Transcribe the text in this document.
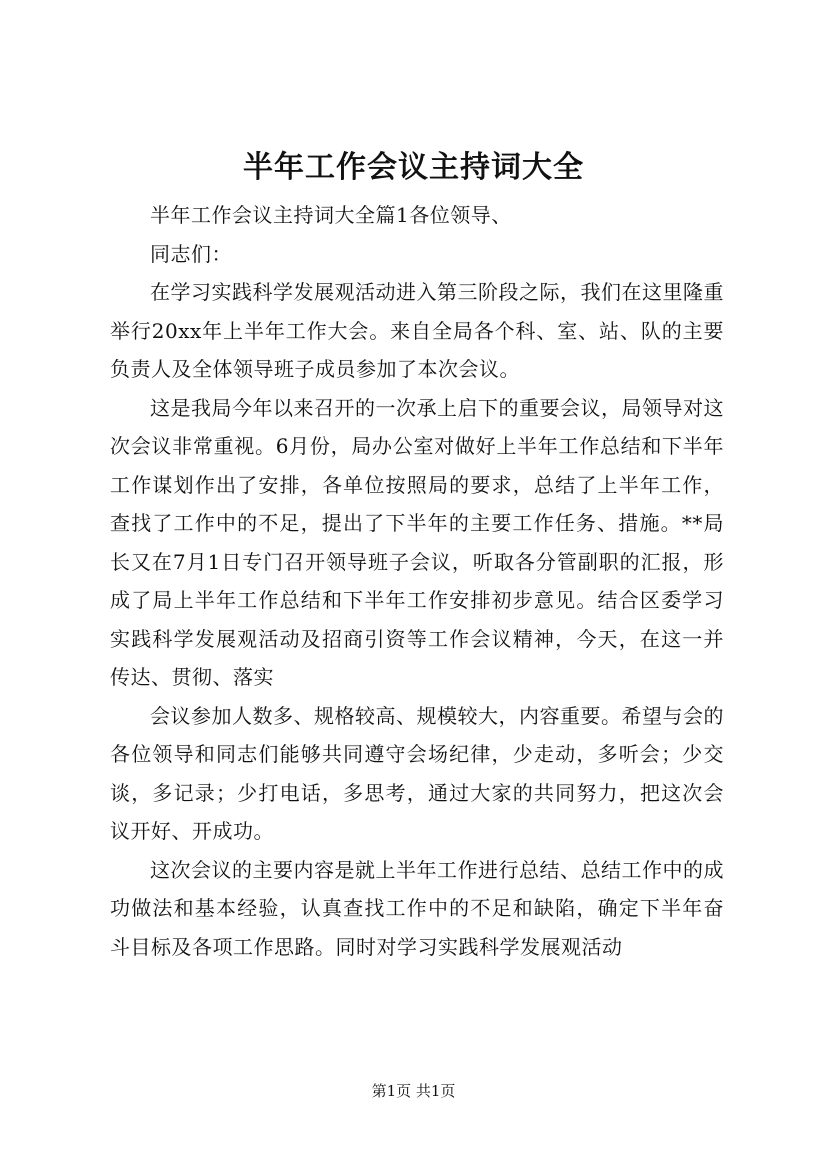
半年工作会议主持词大全

半年工作会议主持词大全篇1各位领导、

同志们：

在学习实践科学发展观活动进入第三阶段之际，我们在这里隆重举行20xx年上半年工作大会。来自全局各个科、室、站、队的主要负责人及全体领导班子成员参加了本次会议。

这是我局今年以来召开的一次承上启下的重要会议，局领导对这次会议非常重视。6月份，局办公室对做好上半年工作总结和下半年工作谋划作出了安排，各单位按照局的要求，总结了上半年工作，查找了工作中的不足，提出了下半年的主要工作任务、措施。**局长又在7月1日专门召开领导班子会议，听取各分管副职的汇报，形成了局上半年工作总结和下半年工作安排初步意见。结合区委学习实践科学发展观活动及招商引资等工作会议精神，今天，在这一并传达、贯彻、落实

会议参加人数多、规格较高、规模较大，内容重要。希望与会的各位领导和同志们能够共同遵守会场纪律，少走动，多听会；少交谈，多记录；少打电话，多思考，通过大家的共同努力，把这次会议开好、开成功。

这次会议的主要内容是就上半年工作进行总结、总结工作中的成功做法和基本经验，认真查找工作中的不足和缺陷，确定下半年奋斗目标及各项工作思路。同时对学习实践科学发展观活动

第1页 共1页
